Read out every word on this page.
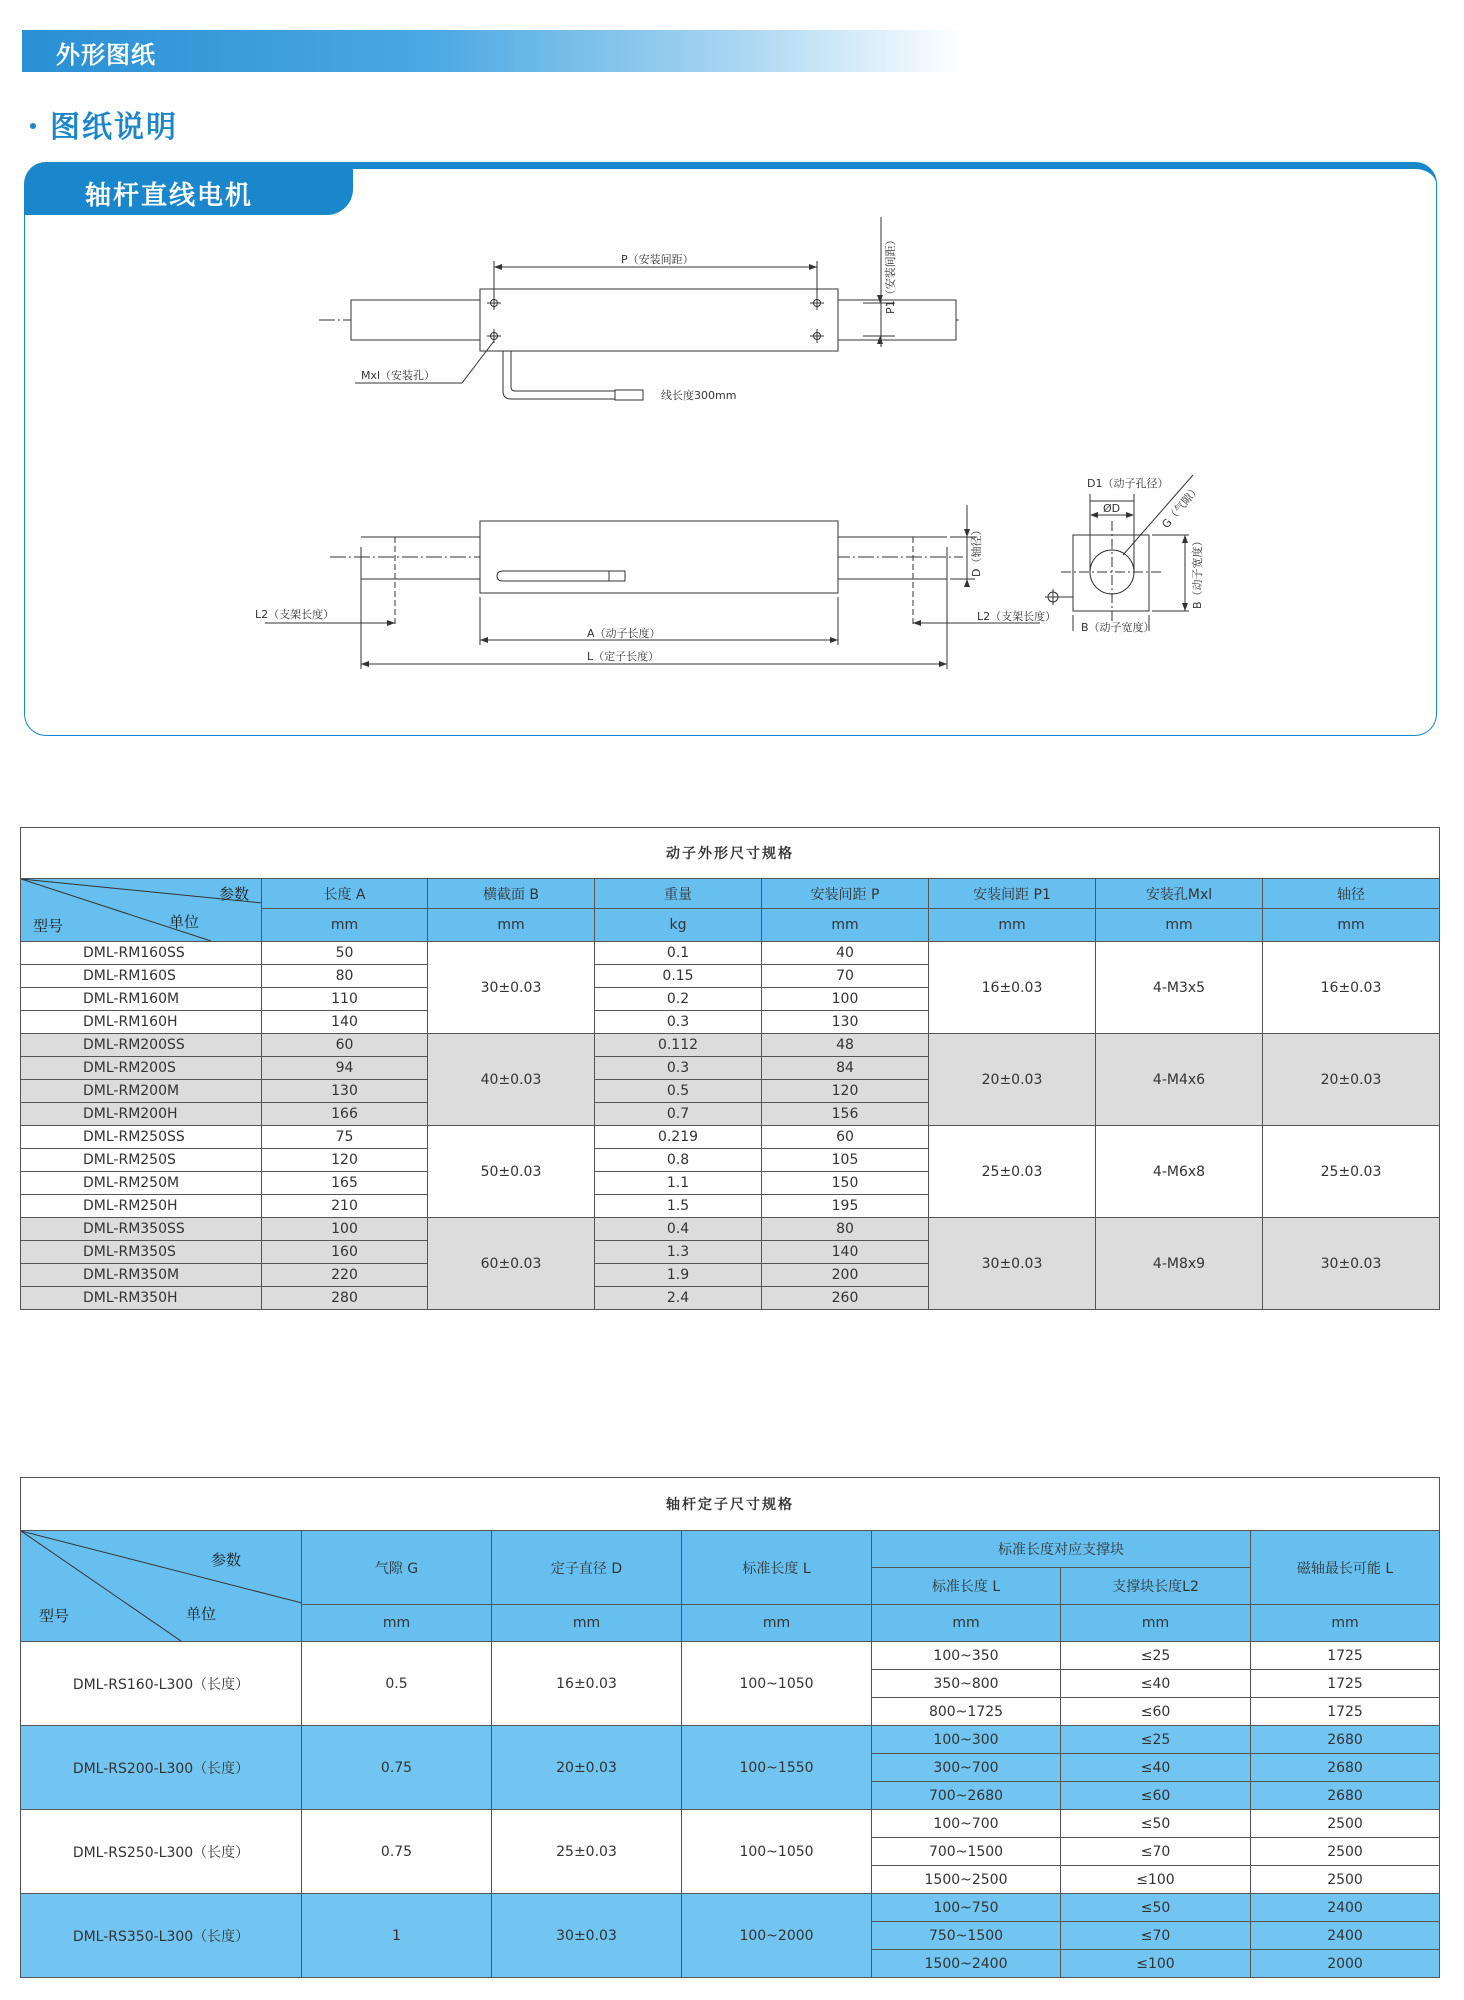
外形图纸
图纸说明
轴杆直线电机
P（安装间距）	P1（安装间距）
Mxl（安装孔）
线长度300mm
D（轴径）
L2（支架长度）	L2（支架长度）
A（动子长度）
L（定子长度）
D1（动子孔径）
ØD	G（气隙）
B（动子宽度）
B（动子宽度）
动子外形尺寸规格							

参数
型号 单位	长度 A	横截面 B	重量	安装间距 P	安装间距 P1	安装孔Mxl	轴径
	mm	mm	kg	mm	mm	mm	mm
DML-RM160SS	50	30±0.03	0.1	40	16±0.03	4-M3x5	16±0.03
DML-RM160S	80		0.15	70			
DML-RM160M	110		0.2	100			
DML-RM160H	140		0.3	130			
DML-RM200SS	60	40±0.03	0.112	48	20±0.03	4-M4x6	20±0.03
DML-RM200S	94		0.3	84			
DML-RM200M	130		0.5	120			
DML-RM200H	166		0.7	156			
DML-RM250SS	75	50±0.03	0.219	60	25±0.03	4-M6x8	25±0.03
DML-RM250S	120		0.8	105			
DML-RM250M	165		1.1	150			
DML-RM250H	210		1.5	195			
DML-RM350SS	100	60±0.03	0.4	80	30±0.03	4-M8x9	30±0.03
DML-RM350S	160		1.3	140			
DML-RM350M	220		1.9	200			
DML-RM350H	280		2.4	260			
轴杆定子尺寸规格						

参数
型号 单位	气隙 G	定子直径 D	标准长度 L	标准长度对应支撑块		磁轴最长可能 L
				标准长度 L	支撑块长度L2	
	mm	mm	mm	mm	mm	mm
DML-RS160-L300（长度）	0.5	16±0.03	100~1050	100~350	≤25	1725
				350~800	≤40	1725
				800~1725	≤60	1725
DML-RS200-L300（长度）	0.75	20±0.03	100~1550	100~300	≤25	2680
				300~700	≤40	2680
				700~2680	≤60	2680
DML-RS250-L300（长度）	0.75	25±0.03	100~1050	100~700	≤50	2500
				700~1500	≤70	2500
				1500~2500	≤100	2500
DML-RS350-L300（长度）	1	30±0.03	100~2000	100~750	≤50	2400
				750~1500	≤70	2400
				1500~2400	≤100	2000
